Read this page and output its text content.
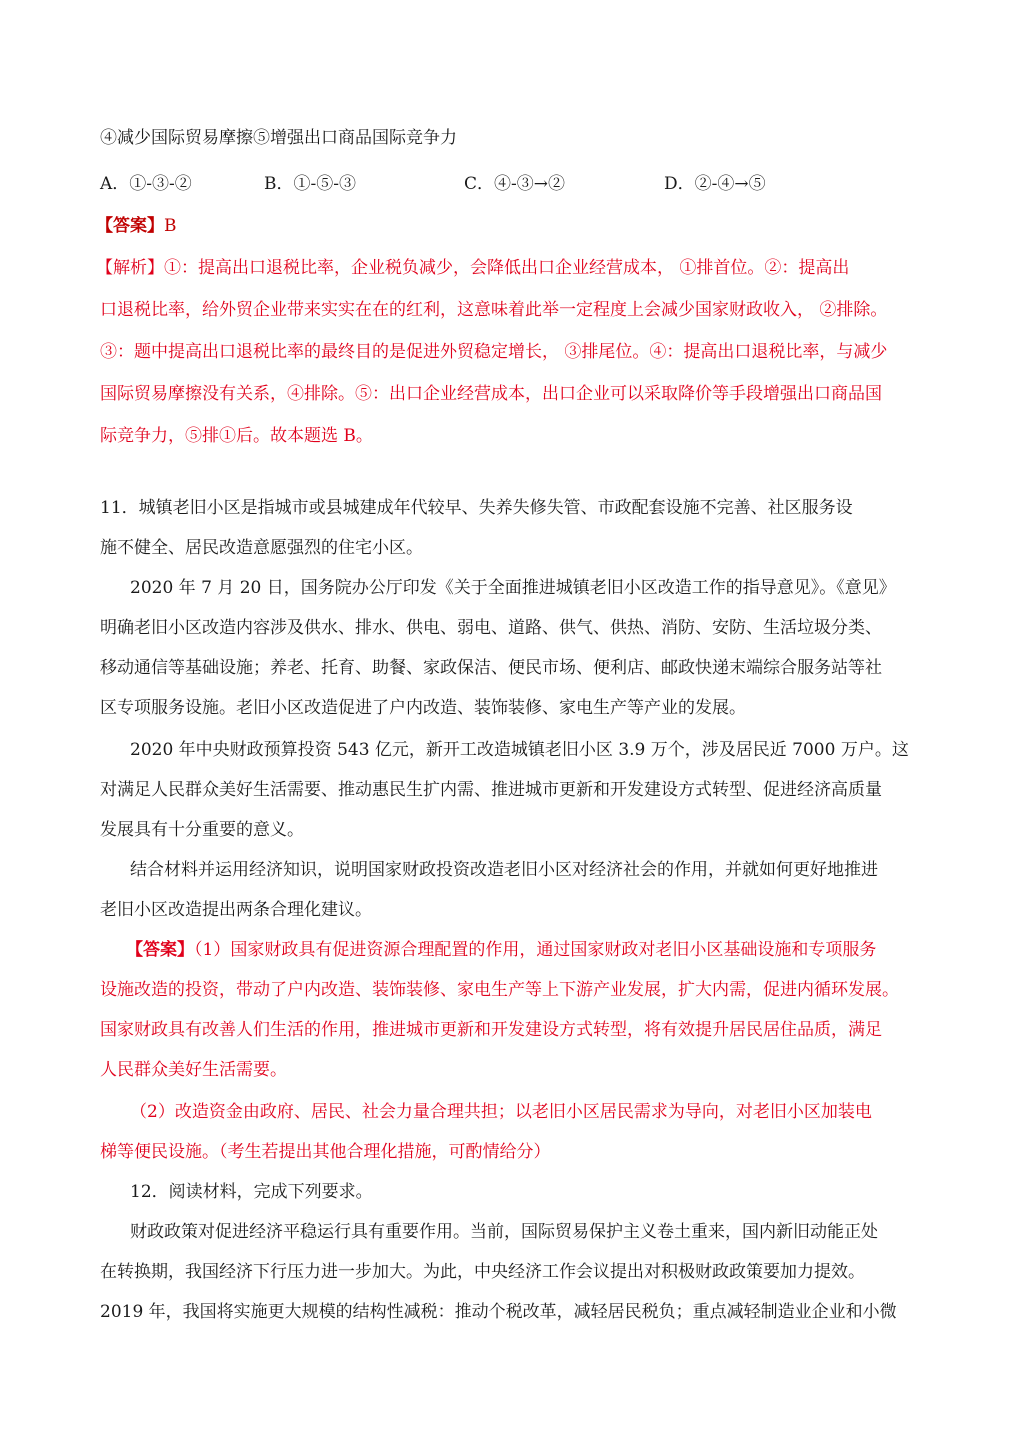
④减少国际贸易摩擦⑤增强出口商品国际竞争力

A．①-③-②	B．①-⑤-③	C．④-③→②	D．②-④→⑤

【答案】B

【解析】①：提高出口退税比率，企业税负减少，会降低出口企业经营成本， ①排首位。②：提高出

口退税比率，给外贸企业带来实实在在的红利，这意味着此举一定程度上会减少国家财政收入， ②排除。

③：题中提高出口退税比率的最终目的是促进外贸稳定增长， ③排尾位。④：提高出口退税比率，与减少

国际贸易摩擦没有关系，④排除。⑤：出口企业经营成本，出口企业可以采取降价等手段增强出口商品国

际竞争力，⑤排①后。故本题选 B。

11．城镇老旧小区是指城市或县城建成年代较早、失养失修失管、市政配套设施不完善、社区服务设

施不健全、居民改造意愿强烈的住宅小区。

2020 年 7 月 20 日，国务院办公厅印发《关于全面推进城镇老旧小区改造工作的指导意见》。《意见》

明确老旧小区改造内容涉及供水、排水、供电、弱电、道路、供气、供热、消防、安防、生活垃圾分类、

移动通信等基础设施；养老、托育、助餐、家政保洁、便民市场、便利店、邮政快递末端综合服务站等社

区专项服务设施。老旧小区改造促进了户内改造、装饰装修、家电生产等产业的发展。

2020 年中央财政预算投资 543 亿元，新开工改造城镇老旧小区 3.9 万个，涉及居民近 7000 万户。这

对满足人民群众美好生活需要、推动惠民生扩内需、推进城市更新和开发建设方式转型、促进经济高质量

发展具有十分重要的意义。

结合材料并运用经济知识，说明国家财政投资改造老旧小区对经济社会的作用，并就如何更好地推进

老旧小区改造提出两条合理化建议。

【答案】（1）国家财政具有促进资源合理配置的作用，通过国家财政对老旧小区基础设施和专项服务

设施改造的投资，带动了户内改造、装饰装修、家电生产等上下游产业发展，扩大内需，促进内循环发展。

国家财政具有改善人们生活的作用，推进城市更新和开发建设方式转型，将有效提升居民居住品质，满足

人民群众美好生活需要。

（2）改造资金由政府、居民、社会力量合理共担；以老旧小区居民需求为导向，对老旧小区加装电

梯等便民设施。（考生若提出其他合理化措施，可酌情给分）

12．阅读材料，完成下列要求。

财政政策对促进经济平稳运行具有重要作用。当前，国际贸易保护主义卷土重来，国内新旧动能正处

在转换期，我国经济下行压力进一步加大。为此，中央经济工作会议提出对积极财政政策要加力提效。

2019 年，我国将实施更大规模的结构性减税：推动个税改革，减轻居民税负；重点减轻制造业企业和小微
